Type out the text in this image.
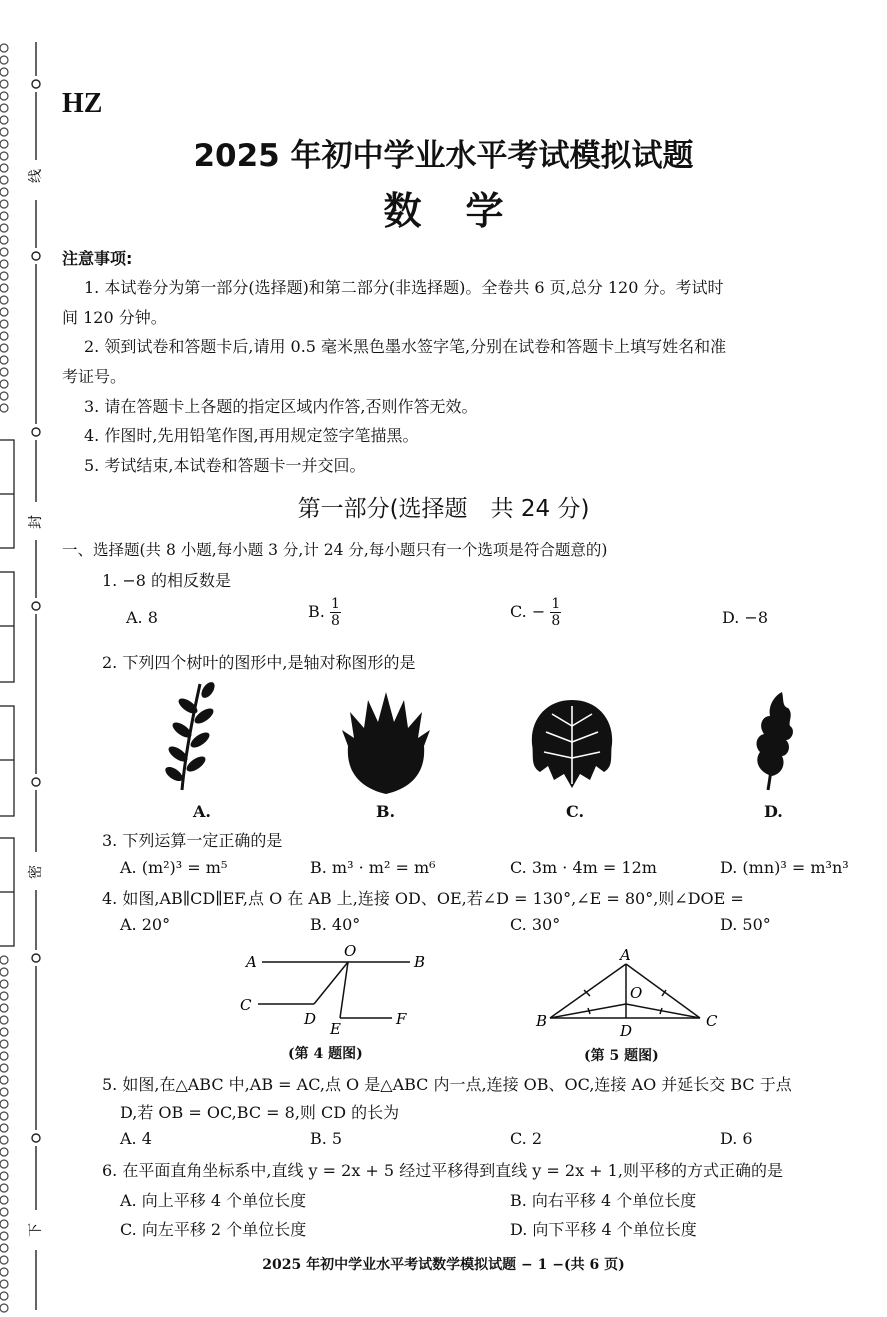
线
封
密
下
HZ
2025 年初中学业水平考试模拟试题
数学
注意事项:
1. 本试卷分为第一部分(选择题)和第二部分(非选择题)。全卷共 6 页,总分 120 分。考试时
间 120 分钟。
2. 领到试卷和答题卡后,请用 0.5 毫米黑色墨水签字笔,分别在试卷和答题卡上填写姓名和准
考证号。
3. 请在答题卡上各题的指定区域内作答,否则作答无效。
4. 作图时,先用铅笔作图,再用规定签字笔描黑。
5. 考试结束,本试卷和答题卡一并交回。
第一部分(选择题　共 24 分)
一、选择题(共 8 小题,每小题 3 分,计 24 分,每小题只有一个选项是符合题意的)
1. −8 的相反数是
A. 8	B. $\frac{1}{8}$	C. − $\frac{1}{8}$	D. −8
2. 下列四个树叶的图形中,是轴对称图形的是
A.	B.	C.	D.
3. 下列运算一定正确的是
A. (m²)³ = m⁵	B. m³ · m² = m⁶	C. 3m · 4m = 12m	D. (mn)³ = m³n³
4. 如图,AB∥CD∥EF,点 O 在 AB 上,连接 OD、OE,若∠D = 130°,∠E = 80°,则∠DOE =
A. 20°	B. 40°	C. 30°	D. 50°
A	B
O
C
D
E
F
(第 4 题图)
A
O
B	C
D
(第 5 题图)
5. 如图,在△ABC 中,AB = AC,点 O 是△ABC 内一点,连接 OB、OC,连接 AO 并延长交 BC 于点
D,若 OB = OC,BC = 8,则 CD 的长为
A. 4	B. 5	C. 2	D. 6
6. 在平面直角坐标系中,直线 y = 2x + 5 经过平移得到直线 y = 2x + 1,则平移的方式正确的是
A. 向上平移 4 个单位长度	B. 向右平移 4 个单位长度
C. 向左平移 2 个单位长度	D. 向下平移 4 个单位长度
2025 年初中学业水平考试数学模拟试题 − 1 −(共 6 页)
